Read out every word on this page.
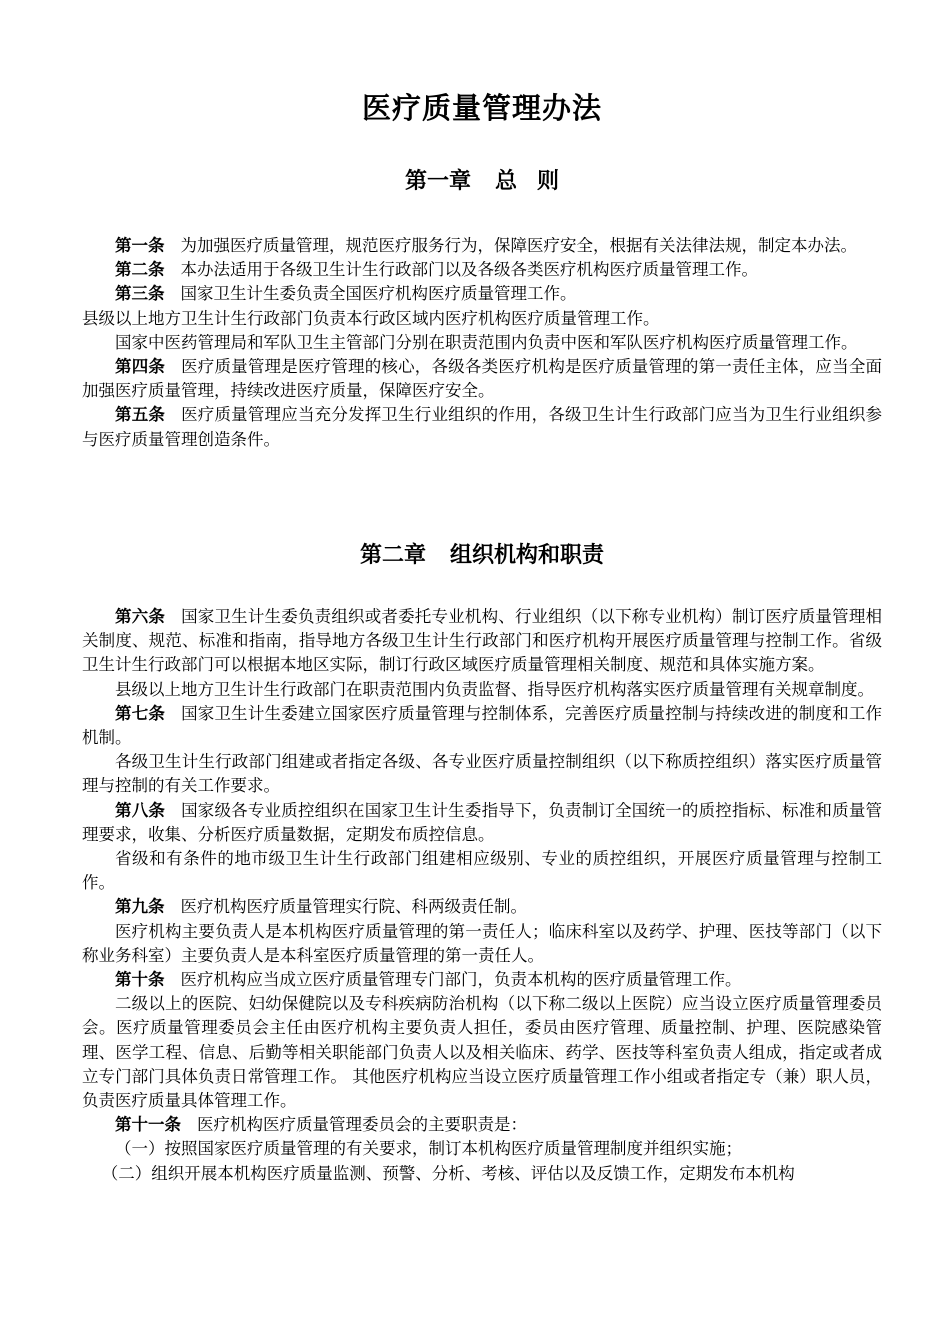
医疗质量管理办法
第一章 总 则

第一条 为加强医疗质量管理，规范医疗服务行为，保障医疗安全，根据有关法律法规，制定本办法。

第二条 本办法适用于各级卫生计生行政部门以及各级各类医疗机构医疗质量管理工作。

第三条 国家卫生计生委负责全国医疗机构医疗质量管理工作。

县级以上地方卫生计生行政部门负责本行政区域内医疗机构医疗质量管理工作。

国家中医药管理局和军队卫生主管部门分别在职责范围内负责中医和军队医疗机构医疗质量管理工作。

第四条 医疗质量管理是医疗管理的核心，各级各类医疗机构是医疗质量管理的第一责任主体，应当全面加强医疗质量管理，持续改进医疗质量，保障医疗安全。

第五条 医疗质量管理应当充分发挥卫生行业组织的作用，各级卫生计生行政部门应当为卫生行业组织参与医疗质量管理创造条件。

第二章 组织机构和职责

第六条 国家卫生计生委负责组织或者委托专业机构、行业组织（以下称专业机构）制订医疗质量管理相关制度、规范、标准和指南，指导地方各级卫生计生行政部门和医疗机构开展医疗质量管理与控制工作。省级卫生计生行政部门可以根据本地区实际，制订行政区域医疗质量管理相关制度、规范和具体实施方案。

县级以上地方卫生计生行政部门在职责范围内负责监督、指导医疗机构落实医疗质量管理有关规章制度。

第七条 国家卫生计生委建立国家医疗质量管理与控制体系，完善医疗质量控制与持续改进的制度和工作机制。

各级卫生计生行政部门组建或者指定各级、各专业医疗质量控制组织（以下称质控组织）落实医疗质量管理与控制的有关工作要求。

第八条 国家级各专业质控组织在国家卫生计生委指导下，负责制订全国统一的质控指标、标准和质量管理要求，收集、分析医疗质量数据，定期发布质控信息。

省级和有条件的地市级卫生计生行政部门组建相应级别、专业的质控组织，开展医疗质量管理与控制工作。

第九条 医疗机构医疗质量管理实行院、科两级责任制。

医疗机构主要负责人是本机构医疗质量管理的第一责任人；临床科室以及药学、护理、医技等部门（以下称业务科室）主要负责人是本科室医疗质量管理的第一责任人。

第十条 医疗机构应当成立医疗质量管理专门部门，负责本机构的医疗质量管理工作。

二级以上的医院、妇幼保健院以及专科疾病防治机构（以下称二级以上医院）应当设立医疗质量管理委员会。医疗质量管理委员会主任由医疗机构主要负责人担任，委员由医疗管理、质量控制、护理、医院感染管理、医学工程、信息、后勤等相关职能部门负责人以及相关临床、药学、医技等科室负责人组成，指定或者成立专门部门具体负责日常管理工作。 其他医疗机构应当设立医疗质量管理工作小组或者指定专（兼）职人员，负责医疗质量具体管理工作。

第十一条 医疗机构医疗质量管理委员会的主要职责是：

（一）按照国家医疗质量管理的有关要求，制订本机构医疗质量管理制度并组织实施；

（二）组织开展本机构医疗质量监测、预警、分析、考核、评估以及反馈工作，定期发布本机构
